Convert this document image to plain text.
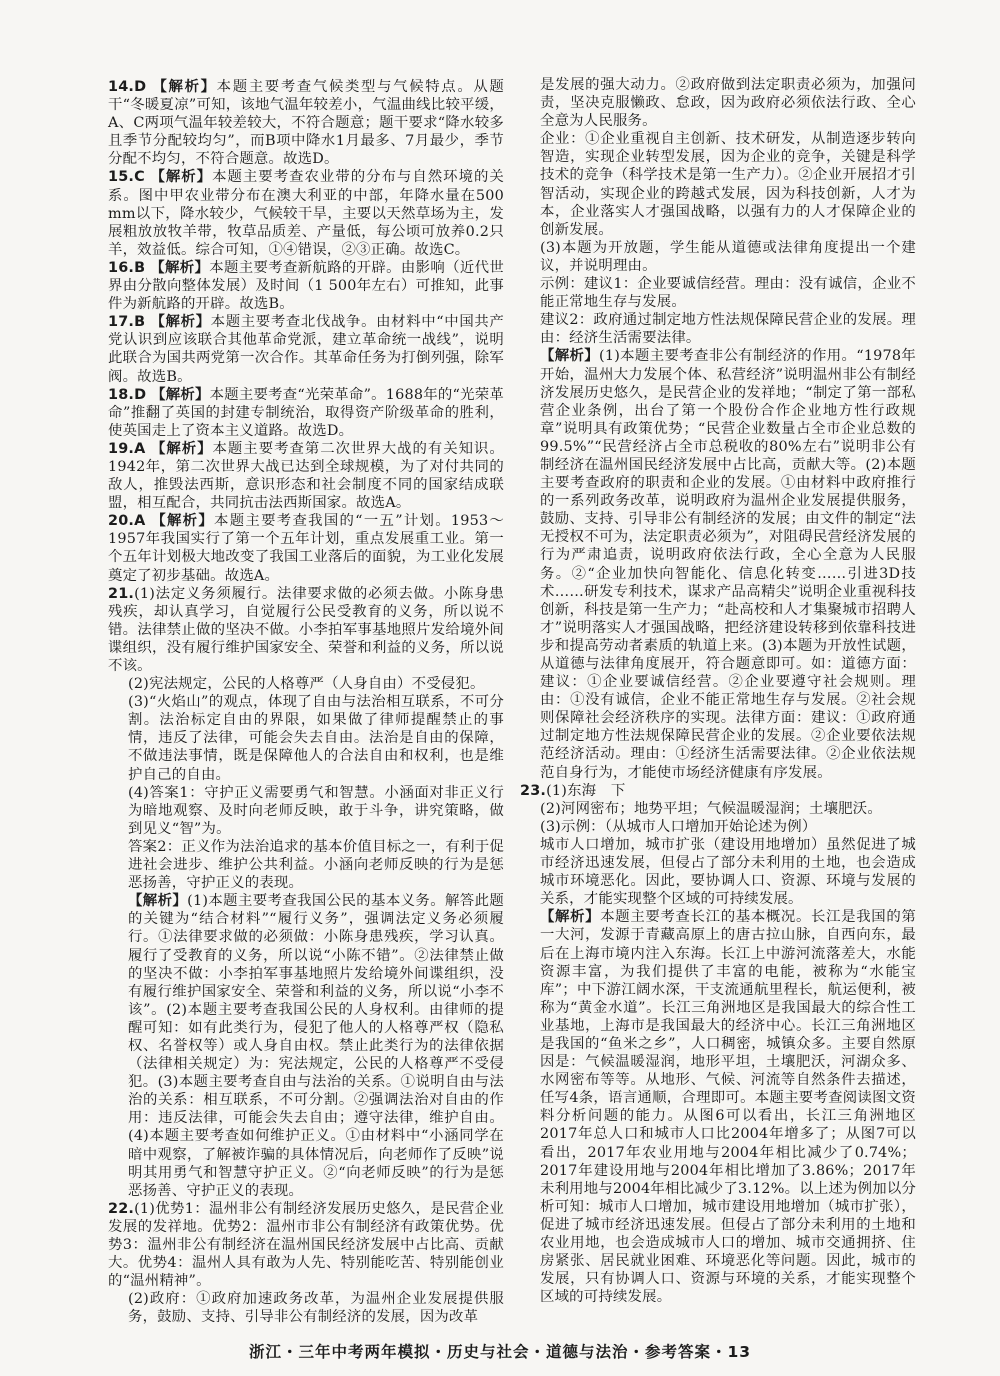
14.D 【解析】本题主要考查气候类型与气候特点。从题干“冬暖夏凉”可知，该地气温年较差小，气温曲线比较平缓，A、C两项气温年较差较大，不符合题意；题干要求“降水较多且季节分配较均匀”，而B项中降水1月最多、7月最少，季节分配不均匀，不符合题意。故选D。

15.C 【解析】本题主要考查农业带的分布与自然环境的关系。图中甲农业带分布在澳大利亚的中部，年降水量在500 mm以下，降水较少，气候较干旱，主要以天然草场为主，发展粗放放牧羊带，牧草品质差、产量低，每公顷可放养0.2只羊，效益低。综合可知，①④错误，②③正确。故选C。

16.B 【解析】本题主要考查新航路的开辟。由影响（近代世界由分散向整体发展）及时间（1 500年左右）可推知，此事件为新航路的开辟。故选B。

17.B 【解析】本题主要考查北伐战争。由材料中“中国共产党认识到应该联合其他革命党派，建立革命统一战线”，说明此联合为国共两党第一次合作。其革命任务为打倒列强，除军阀。故选B。

18.D 【解析】本题主要考查“光荣革命”。1688年的“光荣革命”推翻了英国的封建专制统治，取得资产阶级革命的胜利，使英国走上了资本主义道路。故选D。

19.A 【解析】本题主要考查第二次世界大战的有关知识。1942年，第二次世界大战已达到全球规模，为了对付共同的敌人，推毁法西斯，意识形态和社会制度不同的国家结成联盟，相互配合，共同抗击法西斯国家。故选A。

20.A 【解析】本题主要考查我国的“一五”计划。1953～1957年我国实行了第一个五年计划，重点发展重工业。第一个五年计划极大地改变了我国工业落后的面貌，为工业化发展奠定了初步基础。故选A。

21.(1)法定义务须履行。法律要求做的必须去做。小陈身患残疾，却认真学习，自觉履行公民受教育的义务，所以说不错。法律禁止做的坚决不做。小李拍军事基地照片发给境外间谍组织，没有履行维护国家安全、荣誉和利益的义务，所以说不该。

(2)宪法规定，公民的人格尊严（人身自由）不受侵犯。

(3)“火焰山”的观点，体现了自由与法治相互联系，不可分割。法治标定自由的界限，如果做了律师提醒禁止的事情，违反了法律，可能会失去自由。法治是自由的保障，不做违法事情，既是保障他人的合法自由和权利，也是维护自己的自由。

(4)答案1：守护正义需要勇气和智慧。小涵面对非正义行为暗地观察、及时向老师反映，敢于斗争，讲究策略，做到见义“智”为。

答案2：正义作为法治追求的基本价值目标之一，有利于促进社会进步、维护公共利益。小涵向老师反映的行为是惩恶扬善，守护正义的表现。

【解析】(1)本题主要考查我国公民的基本义务。解答此题的关键为“结合材料”“履行义务”，强调法定义务必须履行。①法律要求做的必须做：小陈身患残疾，学习认真。履行了受教育的义务，所以说“小陈不错”。②法律禁止做的坚决不做：小李拍军事基地照片发给境外间谍组织，没有履行维护国家安全、荣誉和利益的义务，所以说“小李不该”。(2)本题主要考查我国公民的人身权利。由律师的提醒可知：如有此类行为，侵犯了他人的人格尊严权（隐私权、名誉权等）或人身自由权。禁止此类行为的法律依据（法律相关规定）为：宪法规定，公民的人格尊严不受侵犯。(3)本题主要考查自由与法治的关系。①说明自由与法治的关系：相互联系，不可分割。②强调法治对自由的作用：违反法律，可能会失去自由；遵守法律，维护自由。(4)本题主要考查如何维护正义。①由材料中“小涵同学在暗中观察，了解被诈骗的具体情况后，向老师作了反映”说明其用勇气和智慧守护正义。②“向老师反映”的行为是惩恶扬善、守护正义的表现。

22.(1)优势1：温州非公有制经济发展历史悠久，是民营企业发展的发祥地。优势2：温州市非公有制经济有政策优势。优势3：温州非公有制经济在温州国民经济发展中占比高、贡献大。优势4：温州人具有敢为人先、特别能吃苦、特别能创业的“温州精神”。

(2)政府：①政府加速政务改革，为温州企业发展提供服务，鼓励、支持、引导非公有制经济的发展，因为改革

是发展的强大动力。②政府做到法定职责必须为，加强问责，坚决克服懒政、怠政，因为政府必须依法行政、全心全意为人民服务。

企业：①企业重视自主创新、技术研发，从制造逐步转向智造，实现企业转型发展，因为企业的竞争，关键是科学技术的竞争（科学技术是第一生产力）。②企业开展招才引智活动，实现企业的跨越式发展，因为科技创新，人才为本，企业落实人才强国战略，以强有力的人才保障企业的创新发展。

(3)本题为开放题，学生能从道德或法律角度提出一个建议，并说明理由。

示例：建议1：企业要诚信经营。理由：没有诚信，企业不能正常地生存与发展。

建议2：政府通过制定地方性法规保障民营企业的发展。理由：经济生活需要法律。

【解析】(1)本题主要考查非公有制经济的作用。“1978年开始，温州大力发展个体、私营经济”说明温州非公有制经济发展历史悠久，是民营企业的发祥地；“制定了第一部私营企业条例，出台了第一个股份合作企业地方性行政规章”说明具有政策优势；“民营企业数量占全市企业总数的99.5%”“民营经济占全市总税收的80%左右”说明非公有制经济在温州国民经济发展中占比高，贡献大等。(2)本题主要考查政府的职责和企业的发展。①由材料中政府推行的一系列政务改革，说明政府为温州企业发展提供服务，鼓励、支持、引导非公有制经济的发展；由文件的制定“法无授权不可为，法定职责必须为”，对阻碍民营经济发展的行为严肃追责，说明政府依法行政，全心全意为人民服务。②“企业加快向智能化、信息化转变……引进3D技术……研发专利技术，谋求产品高精尖”说明企业重视科技创新，科技是第一生产力；“赴高校和人才集聚城市招聘人才”说明落实人才强国战略，把经济建设转移到依靠科技进步和提高劳动者素质的轨道上来。(3)本题为开放性试题，从道德与法律角度展开，符合题意即可。如：道德方面：建议：①企业要诚信经营。②企业要遵守社会规则。理由：①没有诚信，企业不能正常地生存与发展。②社会规则保障社会经济秩序的实现。法律方面：建议：①政府通过制定地方性法规保障民营企业的发展。②企业要依法规范经济活动。理由：①经济生活需要法律。②企业依法规范自身行为，才能使市场经济健康有序发展。

23.(1)东海　下

(2)河网密布；地势平坦；气候温暖湿润；土壤肥沃。

(3)示例：（从城市人口增加开始论述为例）

城市人口增加，城市扩张（建设用地增加）虽然促进了城市经济迅速发展，但侵占了部分未利用的土地，也会造成城市环境恶化。因此，要协调人口、资源、环境与发展的关系，才能实现整个区域的可持续发展。

【解析】本题主要考查长江的基本概况。长江是我国的第一大河，发源于青藏高原上的唐古拉山脉，自西向东，最后在上海市境内注入东海。长江上中游河流落差大，水能资源丰富，为我们提供了丰富的电能，被称为“水能宝库”；中下游江阔水深，干支流通航里程长，航运便利，被称为“黄金水道”。长江三角洲地区是我国最大的综合性工业基地，上海市是我国最大的经济中心。长江三角洲地区是我国的“鱼米之乡”，人口稠密，城镇众多。主要自然原因是：气候温暖湿润，地形平坦，土壤肥沃，河湖众多、水网密布等等。从地形、气候、河流等自然条件去描述，任写4条，语言通顺，合理即可。本题主要考查阅读图文资料分析问题的能力。从图6可以看出，长江三角洲地区2017年总人口和城市人口比2004年增多了；从图7可以看出，2017年农业用地与2004年相比减少了0.74%；2017年建设用地与2004年相比增加了3.86%；2017年未利用地与2004年相比减少了3.12%。以上述为例加以分析可知：城市人口增加，城市建设用地增加（城市扩张），促进了城市经济迅速发展。但侵占了部分未利用的土地和农业用地，也会造成城市人口的增加、城市交通拥挤、住房紧张、居民就业困难、环境恶化等问题。因此，城市的发展，只有协调人口、资源与环境的关系，才能实现整个区域的可持续发展。

浙江・三年中考两年模拟・历史与社会・道德与法治・参考答案・13
